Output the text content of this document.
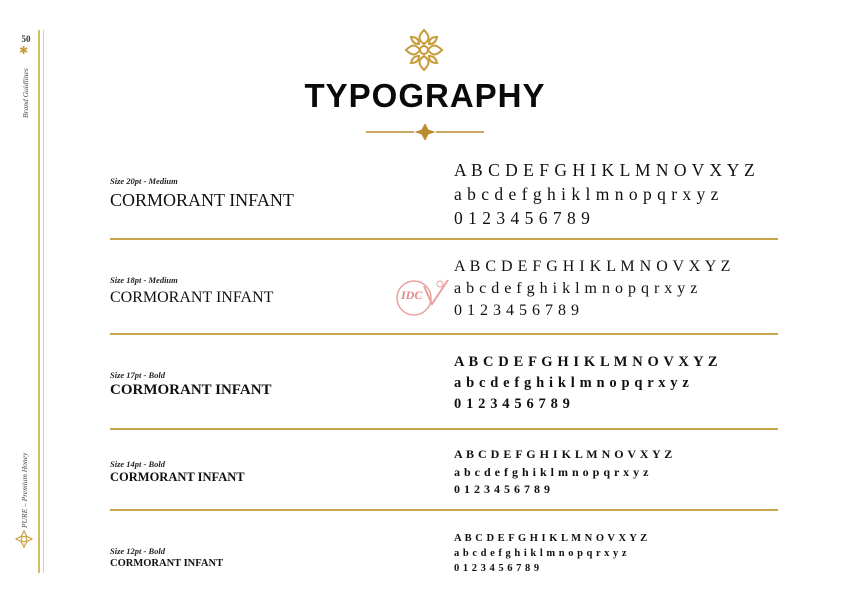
50
✱
Brand Guidlines
PURE – Premium Honey
TYPOGRAPHY
IDC
Size 20pt - Medium
CORMORANT INFANT
A B C D E F G H I K L M N O V X Y Z
a b c d e f g h i k l m n o p q r x y z
0 1 2 3 4 5 6 7 8 9
Size 18pt - Medium
CORMORANT INFANT
A B C D E F G H I K L M N O V X Y Z
a b c d e f g h i k l m n o p q r x y z
0 1 2 3 4 5 6 7 8 9
Size 17pt - Bold
CORMORANT INFANT
A B C D E F G H I K L M N O V X Y Z
a b c d e f g h i k l m n o p q r x y z
0 1 2 3 4 5 6 7 8 9
Size 14pt - Bold
CORMORANT INFANT
A B C D E F G H I K L M N O V X Y Z
a b c d e f g h i k l m n o p q r x y z
0 1 2 3 4 5 6 7 8 9
Size 12pt - Bold
CORMORANT INFANT
A B C D E F G H I K L M N O V X Y Z
a b c d e f g h i k l m n o p q r x y z
0 1 2 3 4 5 6 7 8 9
